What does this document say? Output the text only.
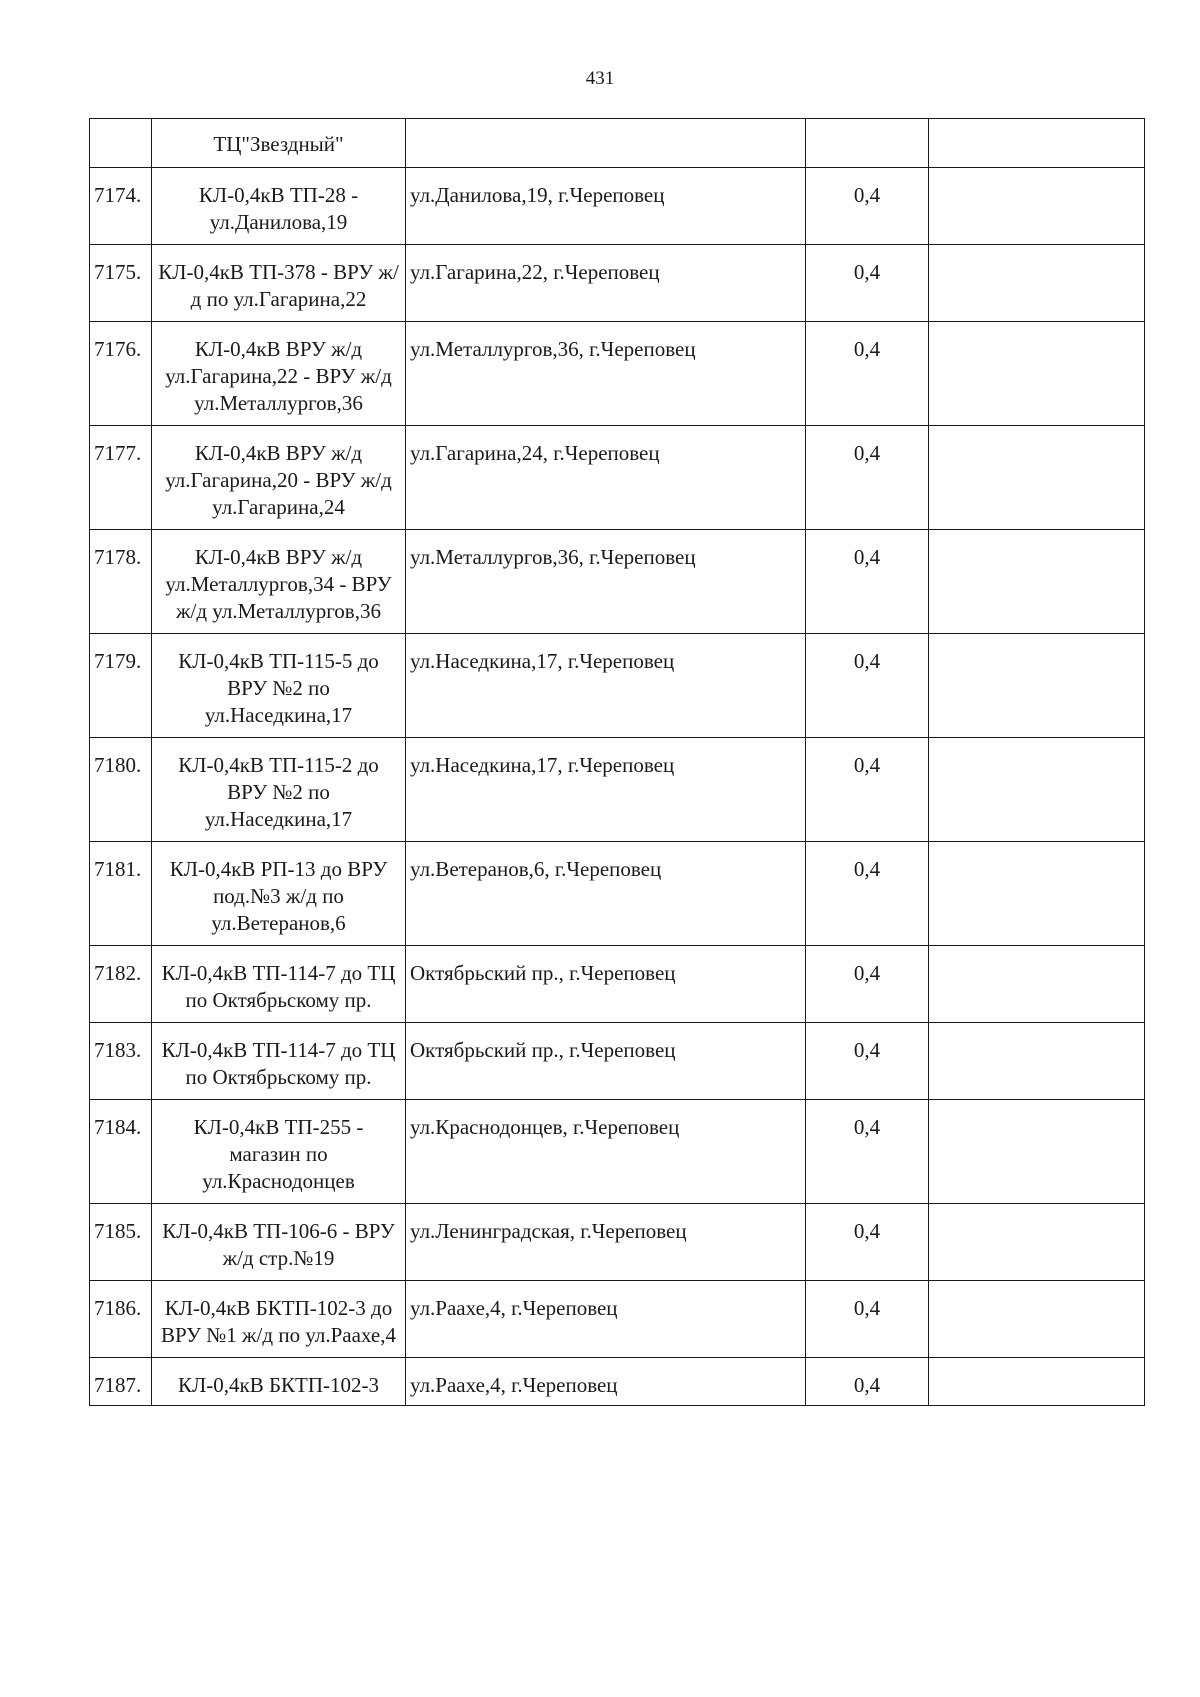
431
	ТЦ"Звездный"			
7174.	КЛ-0,4кВ ТП-28 - ул.Данилова,19	ул.Данилова,19, г.Череповец	0,4	
7175.	КЛ-0,4кВ ТП-378 - ВРУ ж/д по ул.Гагарина,22	ул.Гагарина,22, г.Череповец	0,4	
7176.	КЛ-0,4кВ ВРУ ж/д ул.Гагарина,22 - ВРУ ж/д ул.Металлургов,36	ул.Металлургов,36, г.Череповец	0,4	
7177.	КЛ-0,4кВ ВРУ ж/д ул.Гагарина,20 - ВРУ ж/д ул.Гагарина,24	ул.Гагарина,24, г.Череповец	0,4	
7178.	КЛ-0,4кВ ВРУ ж/д ул.Металлургов,34 - ВРУ ж/д ул.Металлургов,36	ул.Металлургов,36, г.Череповец	0,4	
7179.	КЛ-0,4кВ ТП-115-5 до ВРУ №2 по ул.Наседкина,17	ул.Наседкина,17, г.Череповец	0,4	
7180.	КЛ-0,4кВ ТП-115-2 до ВРУ №2 по ул.Наседкина,17	ул.Наседкина,17, г.Череповец	0,4	
7181.	КЛ-0,4кВ РП-13 до ВРУ под.№3 ж/д по ул.Ветеранов,6	ул.Ветеранов,6, г.Череповец	0,4	
7182.	КЛ-0,4кВ ТП-114-7 до ТЦ по Октябрьскому пр.	Октябрьский пр., г.Череповец	0,4	
7183.	КЛ-0,4кВ ТП-114-7 до ТЦ по Октябрьскому пр.	Октябрьский пр., г.Череповец	0,4	
7184.	КЛ-0,4кВ ТП-255 - магазин по ул.Краснодонцев	ул.Краснодонцев, г.Череповец	0,4	
7185.	КЛ-0,4кВ ТП-106-6 - ВРУ ж/д стр.№19	ул.Ленинградская, г.Череповец	0,4	
7186.	КЛ-0,4кВ БКТП-102-3 до ВРУ №1 ж/д по ул.Раахе,4	ул.Раахе,4, г.Череповец	0,4	
7187.	КЛ-0,4кВ БКТП-102-3	ул.Раахе,4, г.Череповец	0,4	
